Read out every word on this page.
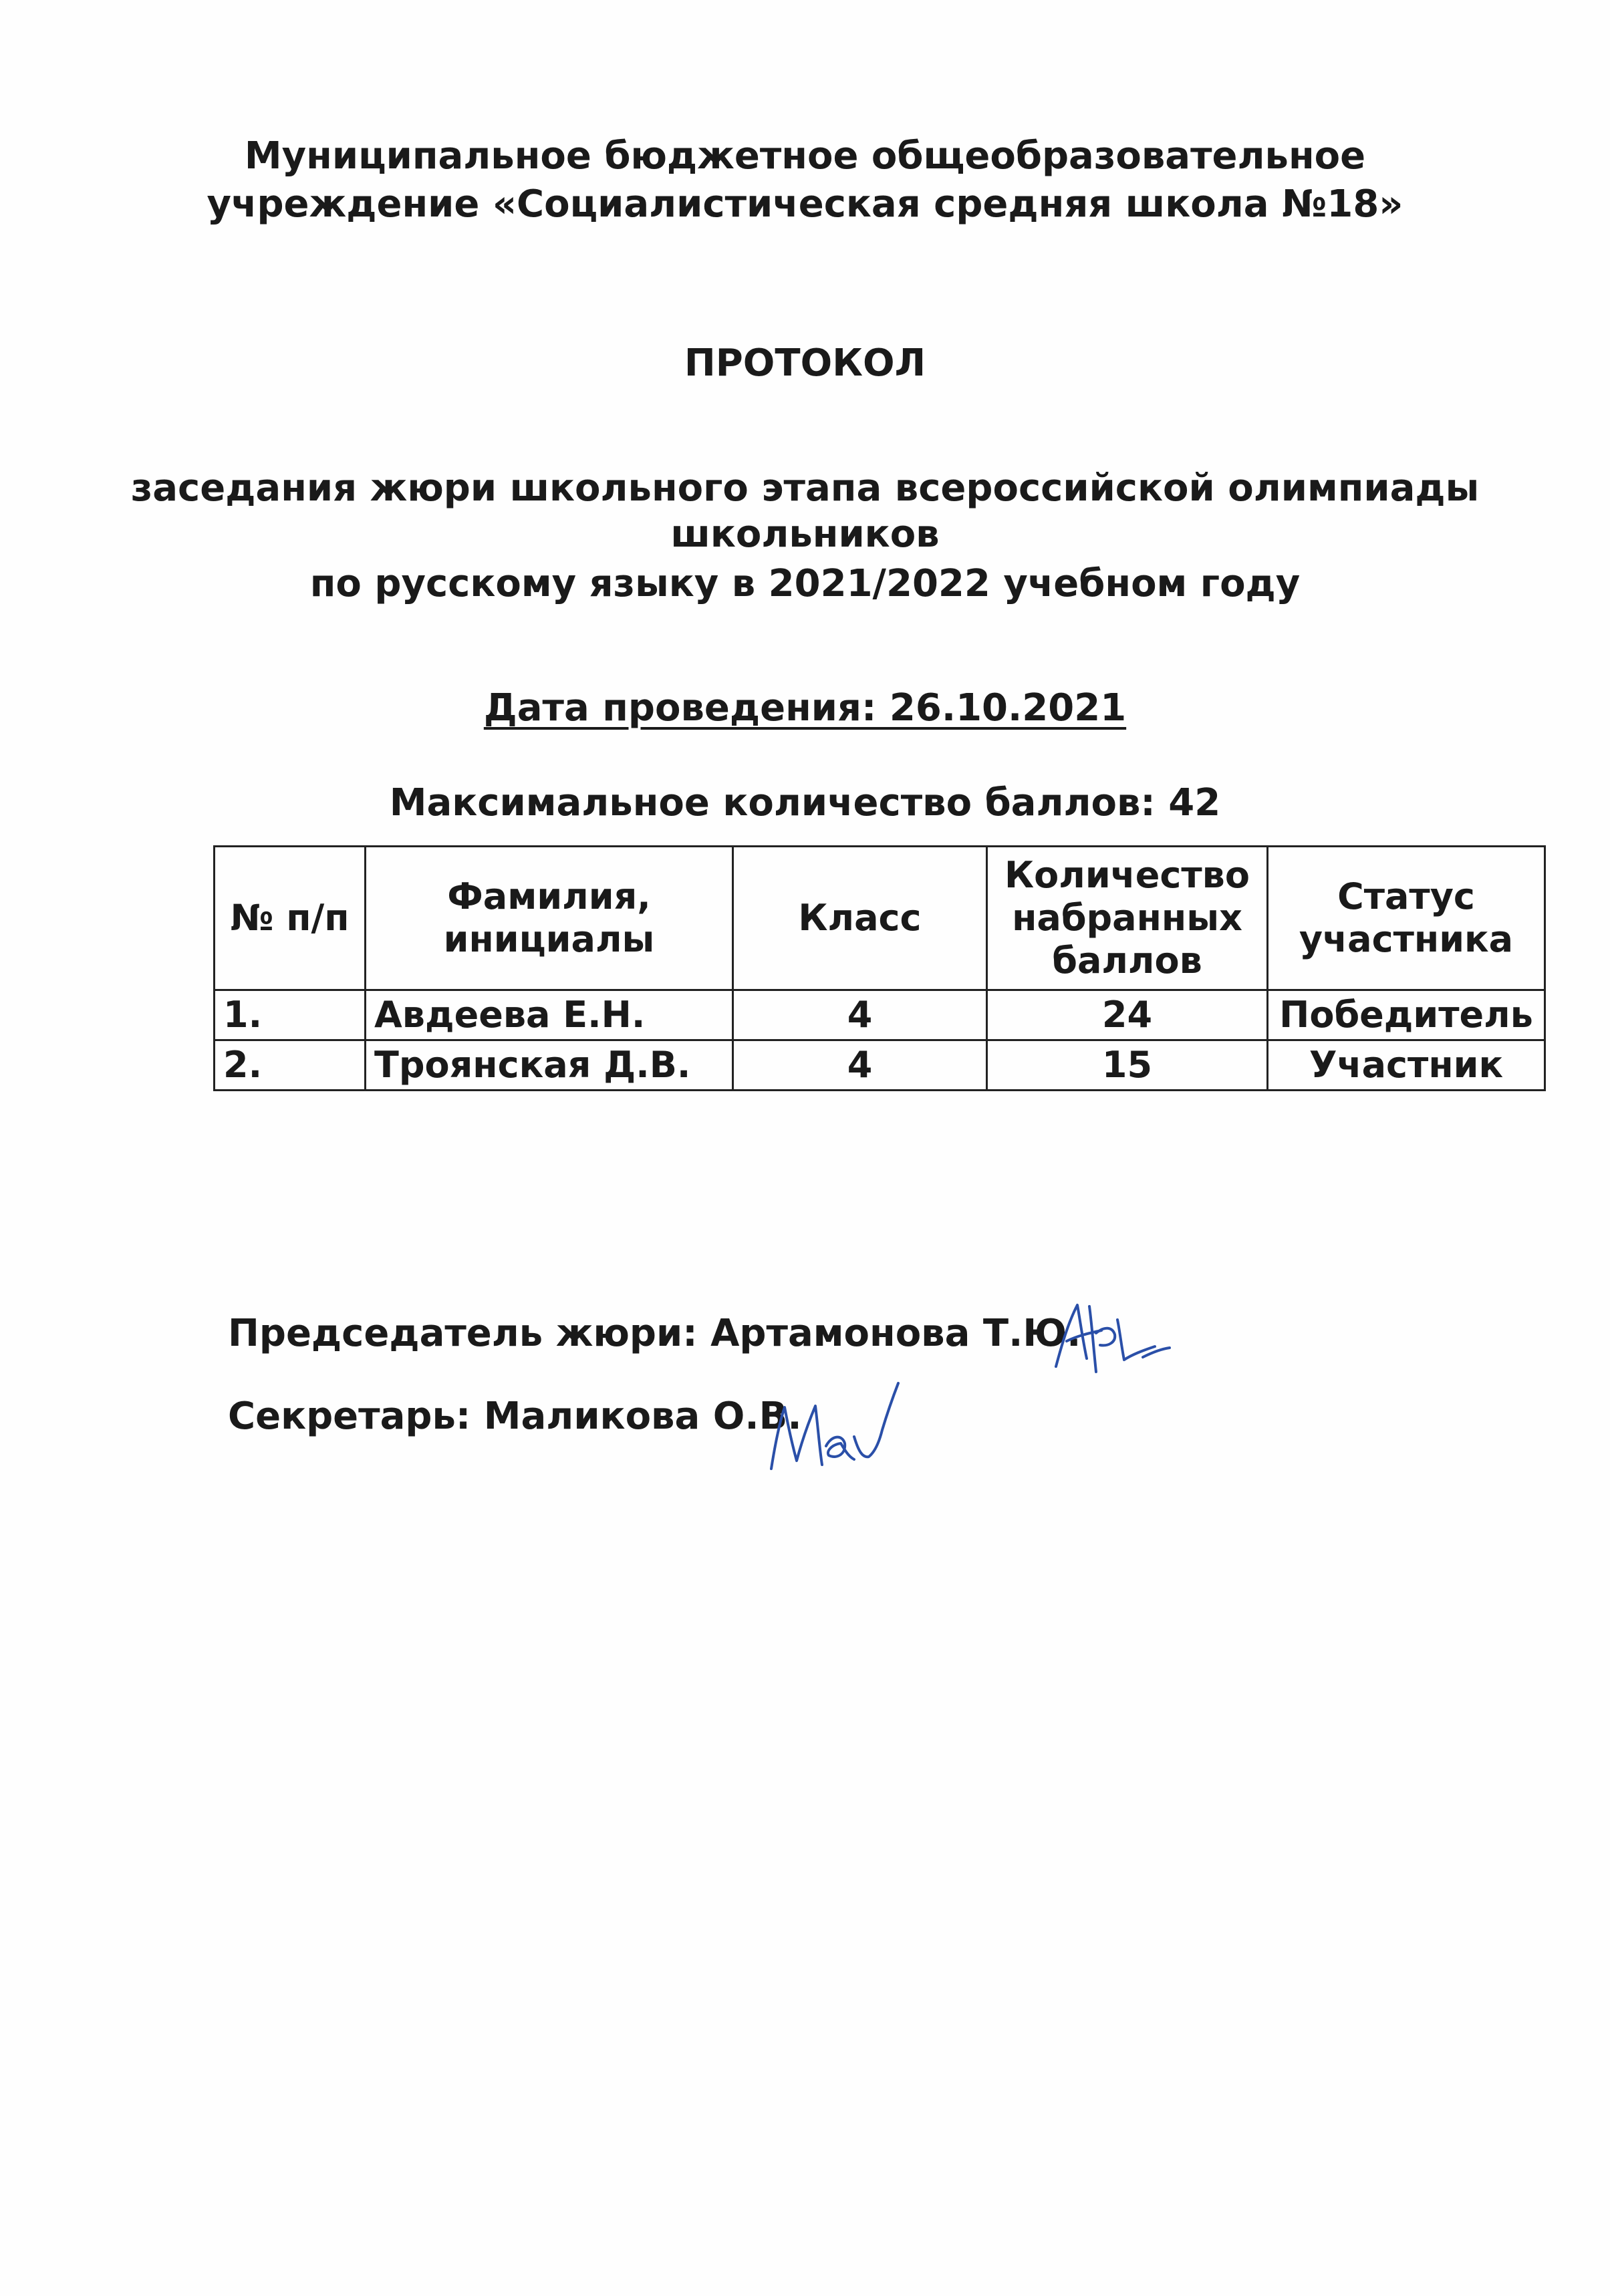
Муниципальное бюджетное общеобразовательное
учреждение «Социалистическая средняя школа №18»
ПРОТОКОЛ
заседания жюри школьного этапа всероссийской олимпиады
школьников
по русскому языку в 2021/2022 учебном году
Дата проведения: 26.10.2021
Максимальное количество баллов: 42
№ п/п	Фамилия, инициалы	Класс	Количество набранных баллов	Статус участника
1.	Авдеева Е.Н.	4	24	Победитель
2.	Троянская Д.В.	4	15	Участник
Председатель жюри: Артамонова Т.Ю.
Секретарь: Маликова О.В.
